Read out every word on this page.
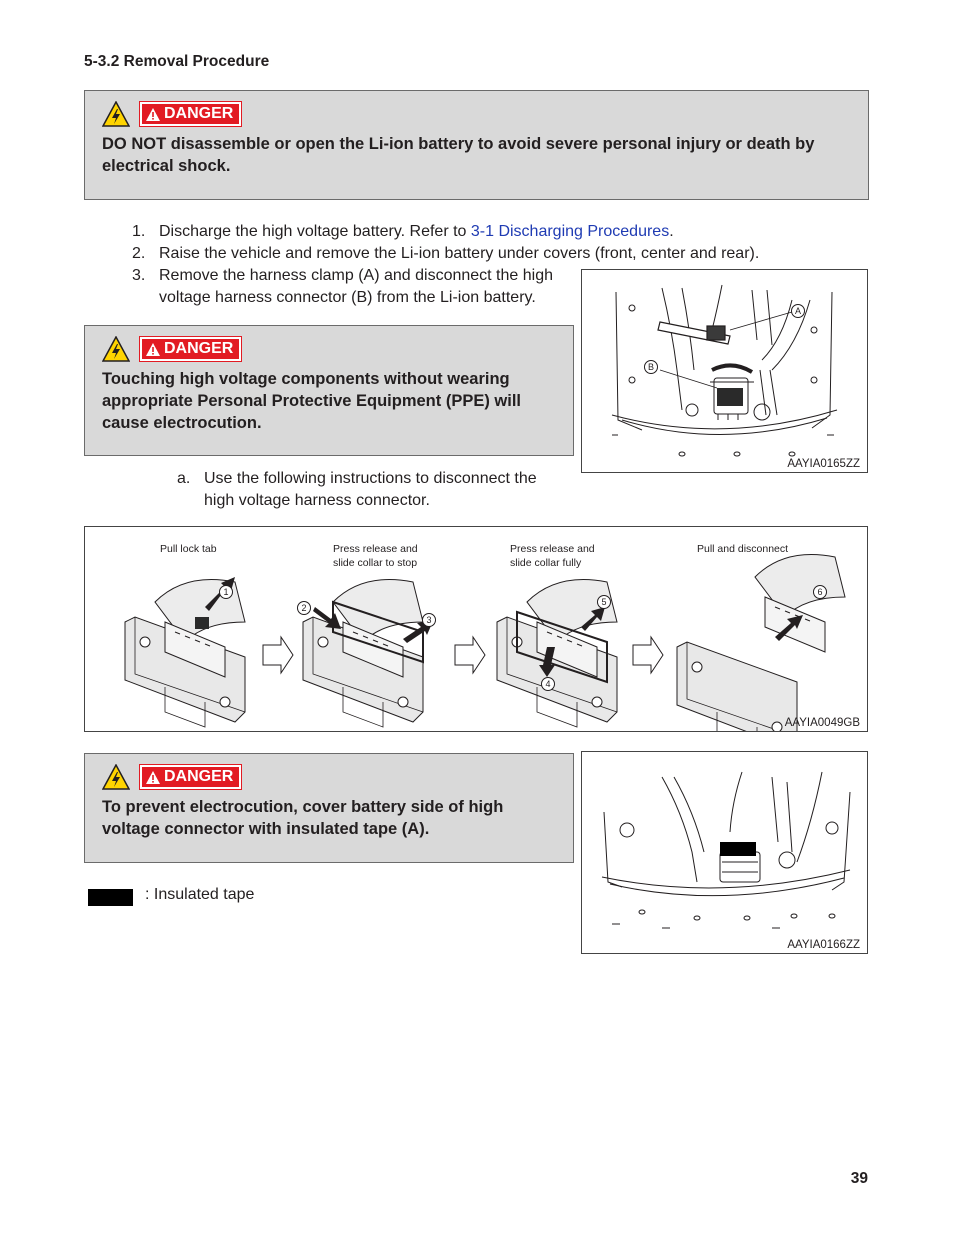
5-3.2 Removal Procedure
DANGER
DO NOT disassemble or open the Li-ion battery to avoid severe personal injury or death by
electrical shock.
1. Discharge the high voltage battery. Refer to 3-1 Discharging Procedures.
2. Raise the vehicle and remove the Li-ion battery under covers (front, center and rear).
3. Remove the harness clamp (A) and disconnect the high
voltage harness connector (B) from the Li-ion battery.
A
B
AAYIA0165ZZ
DANGER
Touching high voltage components without wearing
appropriate Personal Protective Equipment (PPE) will
cause electrocution.
a. Use the following instructions to disconnect the
high voltage harness connector.
Pull lock tab	Press release and
slide collar to stop
Press release and
slide collar fully
Pull and disconnect
1
2
3
4
5
6
AAYIA0049GB
DANGER
To prevent electrocution, cover battery side of high
voltage connector with insulated tape (A).
: Insulated tape
AAYIA0166ZZ
39
